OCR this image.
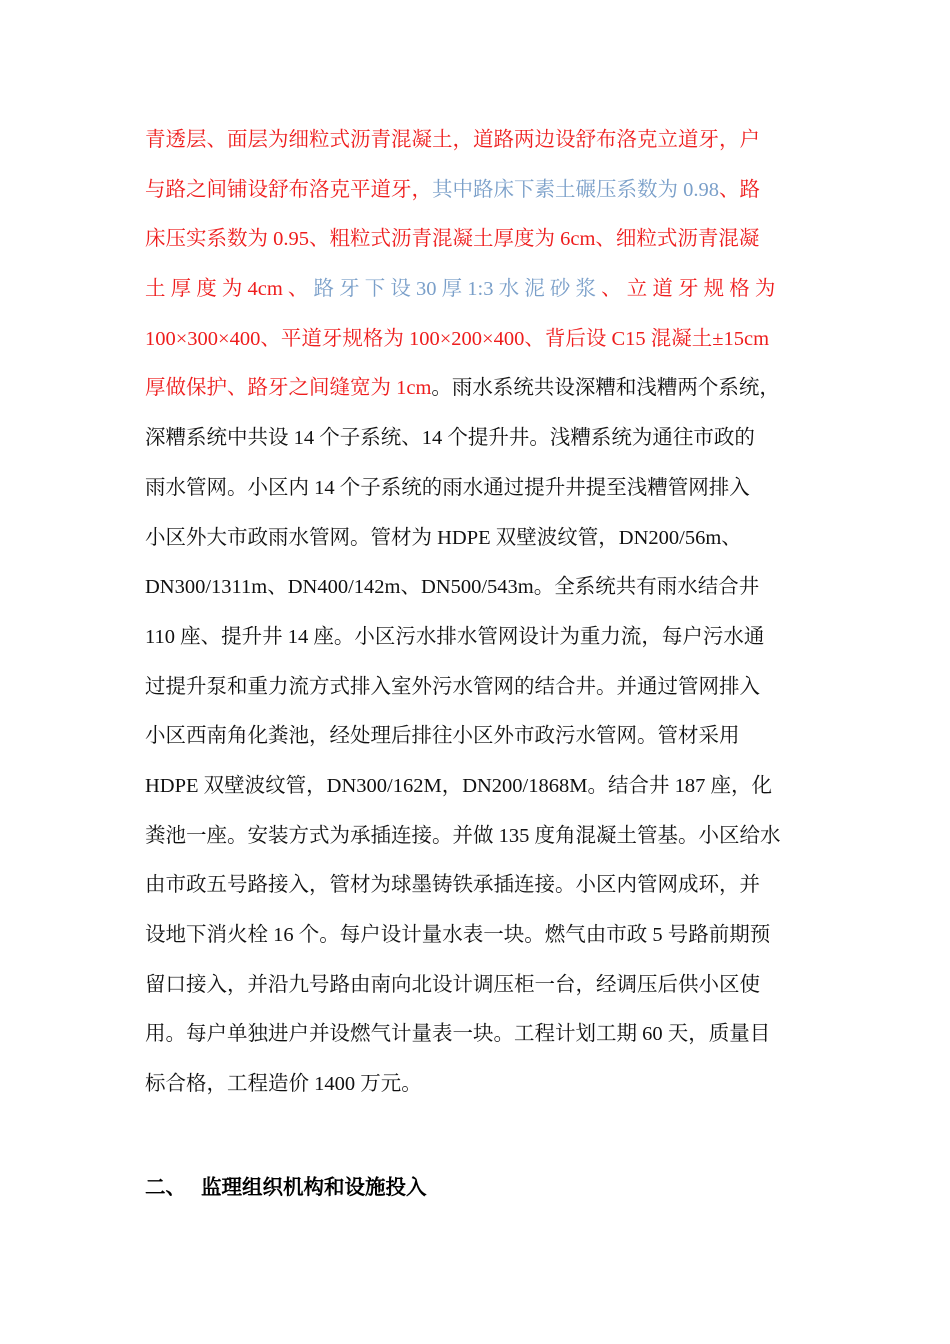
青透层、面层为细粒式沥青混凝土，道路两边设舒布洛克立道牙，户
与路之间铺设舒布洛克平道牙，其中路床下素土碾压系数为 0.98、路
床压实系数为 0.95、粗粒式沥青混凝土厚度为 6cm、细粒式沥青混凝
土 厚 度 为 4cm 、 路 牙 下 设 30 厚 1:3 水 泥 砂 浆 、 立 道 牙 规 格 为
100×300×400、平道牙规格为 100×200×400、背后设 C15 混凝土±15cm
厚做保护、路牙之间缝宽为 1cm。雨水系统共设深糟和浅糟两个系统，
深糟系统中共设 14 个子系统、14 个提升井。浅糟系统为通往市政的
雨水管网。小区内 14 个子系统的雨水通过提升井提至浅糟管网排入
小区外大市政雨水管网。管材为 HDPE 双壁波纹管，DN200/56m、
DN300/1311m、DN400/142m、DN500/543m。全系统共有雨水结合井
110 座、提升井 14 座。小区污水排水管网设计为重力流，每户污水通
过提升泵和重力流方式排入室外污水管网的结合井。并通过管网排入
小区西南角化粪池，经处理后排往小区外市政污水管网。管材采用
HDPE 双壁波纹管，DN300/162M，DN200/1868M。结合井 187 座，化
粪池一座。安装方式为承插连接。并做 135 度角混凝土管基。小区给水
由市政五号路接入，管材为球墨铸铁承插连接。小区内管网成环，并
设地下消火栓 16 个。每户设计量水表一块。燃气由市政 5 号路前期预
留口接入，并沿九号路由南向北设计调压柜一台，经调压后供小区使
用。每户单独进户并设燃气计量表一块。工程计划工期 60 天，质量目
标合格，工程造价 1400 万元。
二、 监理组织机构和设施投入
